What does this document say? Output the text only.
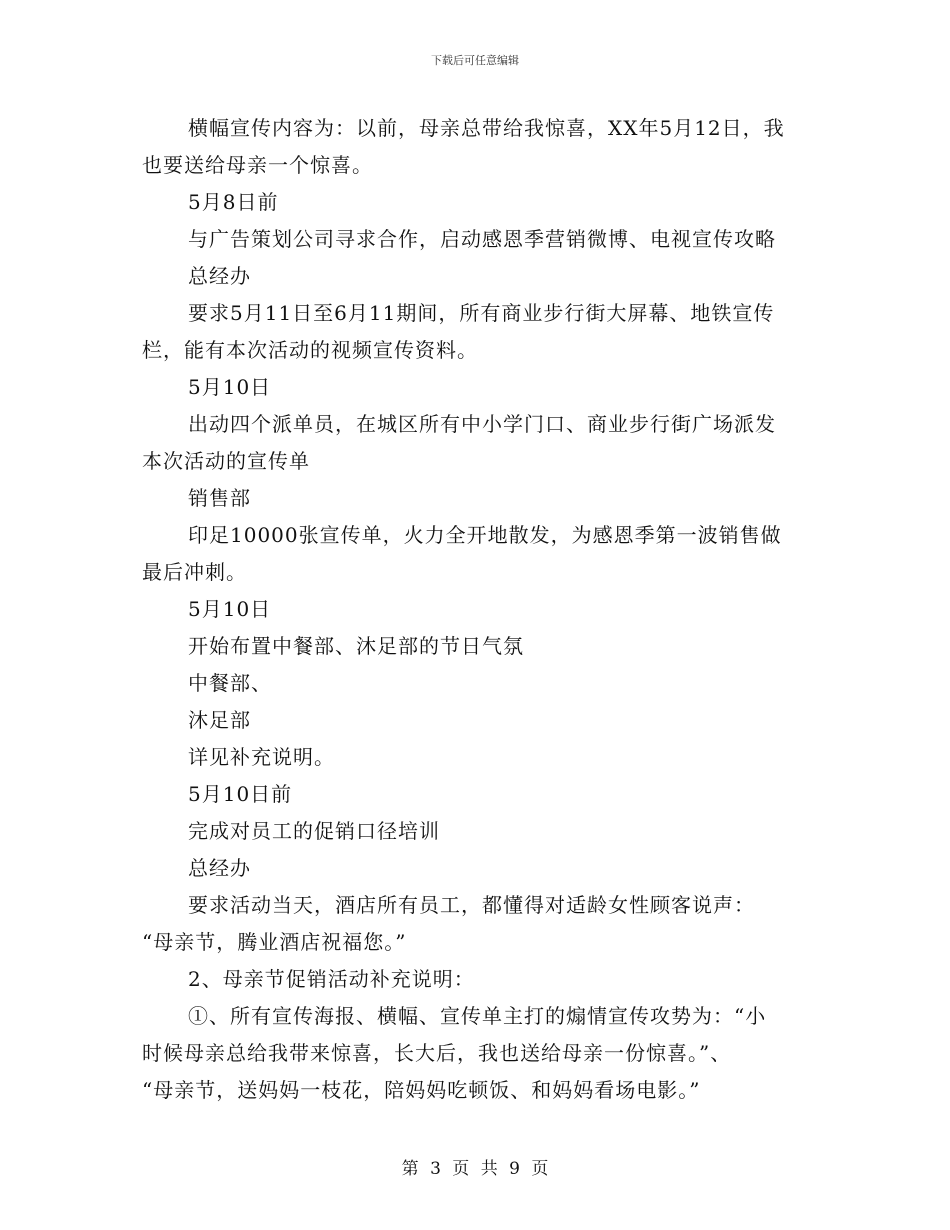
下载后可任意编辑
横幅宣传内容为：以前，母亲总带给我惊喜，XX年5月12日，我
也要送给母亲一个惊喜。
5月8日前
与广告策划公司寻求合作，启动感恩季营销微博、电视宣传攻略
总经办
要求5月11日至6月11期间，所有商业步行街大屏幕、地铁宣传
栏，能有本次活动的视频宣传资料。
5月10日
出动四个派单员，在城区所有中小学门口、商业步行街广场派发
本次活动的宣传单
销售部
印足10000张宣传单，火力全开地散发，为感恩季第一波销售做
最后冲刺。
5月10日
开始布置中餐部、沐足部的节日气氛
中餐部、
沐足部
详见补充说明。
5月10日前
完成对员工的促销口径培训
总经办
要求活动当天，酒店所有员工，都懂得对适龄女性顾客说声：
“母亲节，腾业酒店祝福您。”
2、母亲节促销活动补充说明：
①、所有宣传海报、横幅、宣传单主打的煽情宣传攻势为：“小
时候母亲总给我带来惊喜，长大后，我也送给母亲一份惊喜。”、
“母亲节，送妈妈一枝花，陪妈妈吃顿饭、和妈妈看场电影。”
第 3 页 共 9 页
